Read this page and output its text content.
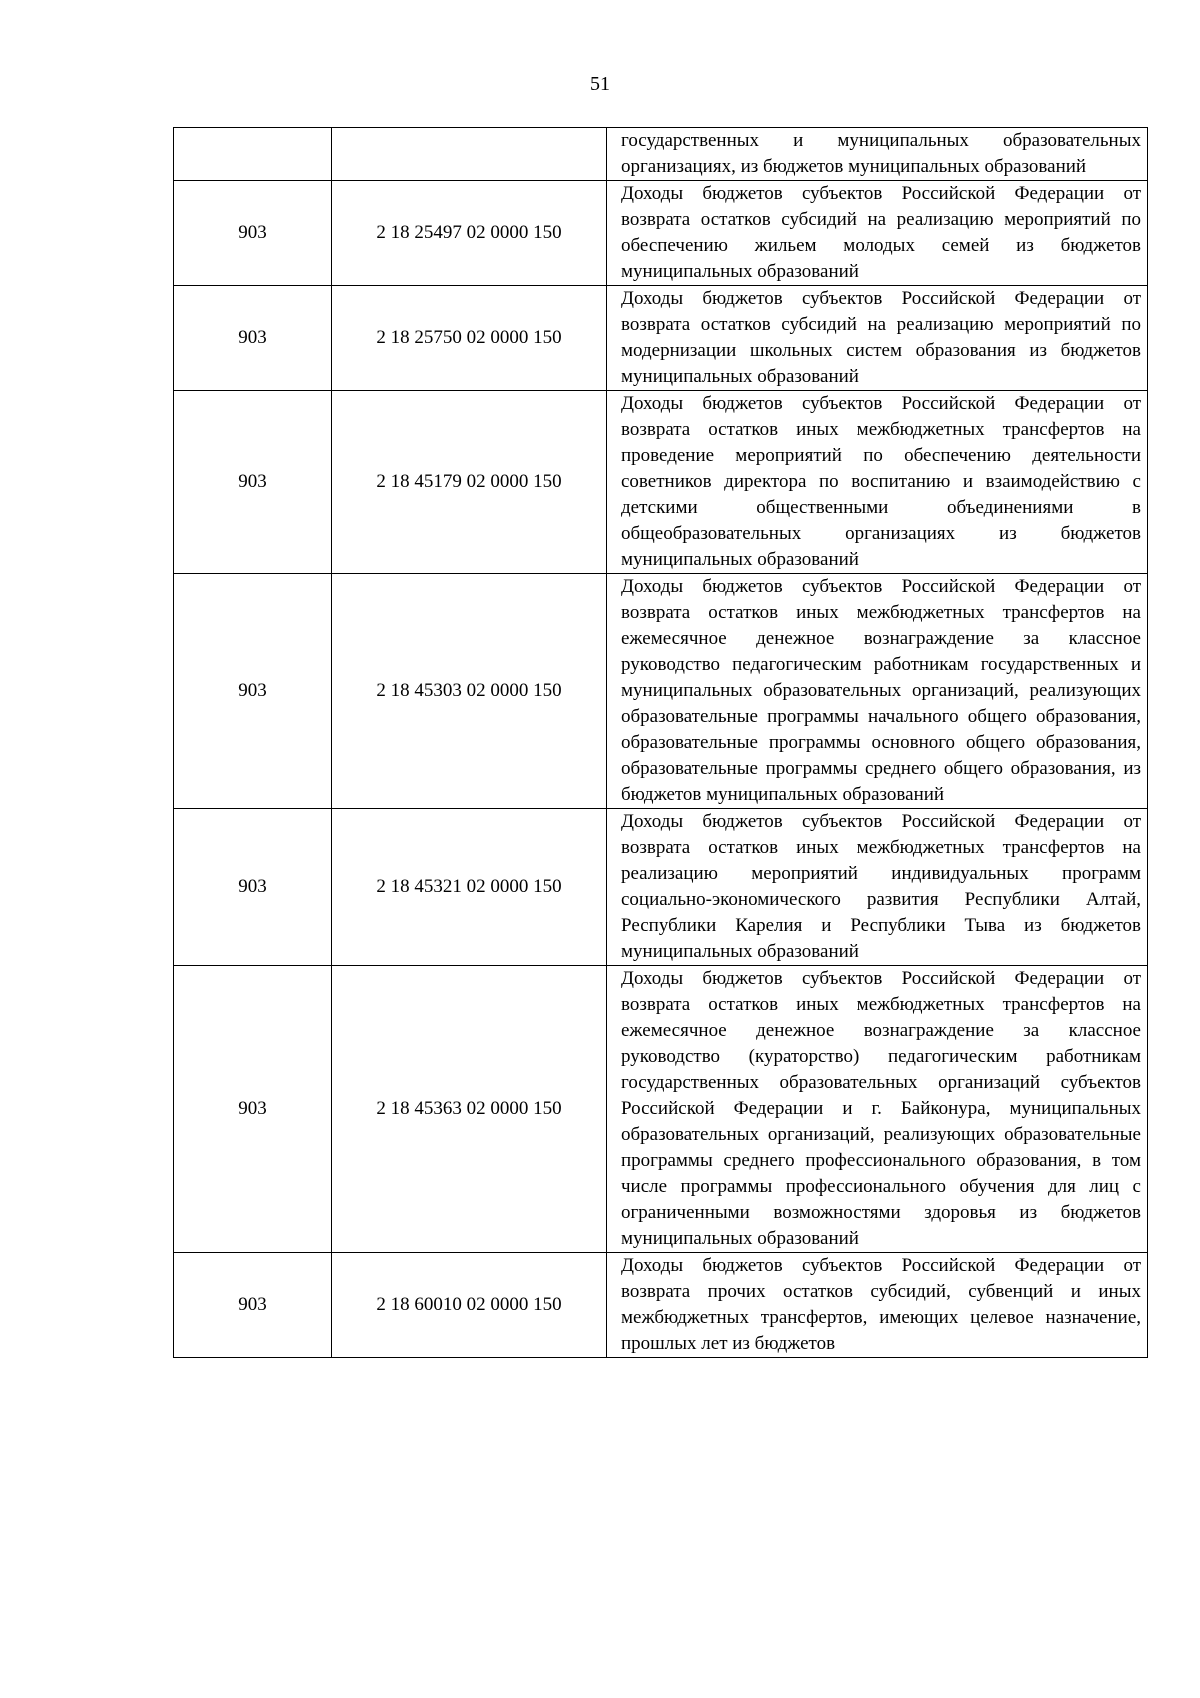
51
		государственных и муниципальных образовательных организациях, из бюджетов муниципальных образований
903	2 18 25497 02 0000 150	Доходы бюджетов субъектов Российской Федерации от возврата остатков субсидий на реализацию мероприятий по обеспечению жильем молодых семей из бюджетов муниципальных образований
903	2 18 25750 02 0000 150	Доходы бюджетов субъектов Российской Федерации от возврата остатков субсидий на реализацию мероприятий по модернизации школьных систем образования из бюджетов муниципальных образований
903	2 18 45179 02 0000 150	Доходы бюджетов субъектов Российской Федерации от возврата остатков иных межбюджетных трансфертов на проведение мероприятий по обеспечению деятельности советников директора по воспитанию и взаимодействию с детскими общественными объединениями в общеобразовательных организациях из бюджетов муниципальных образований
903	2 18 45303 02 0000 150	Доходы бюджетов субъектов Российской Федерации от возврата остатков иных межбюджетных трансфертов на ежемесячное денежное вознаграждение за классное руководство педагогическим работникам государственных и муниципальных образовательных организаций, реализующих образовательные программы начального общего образования, образовательные программы основного общего образования, образовательные программы среднего общего образования, из бюджетов муниципальных образований
903	2 18 45321 02 0000 150	Доходы бюджетов субъектов Российской Федерации от возврата остатков иных межбюджетных трансфертов на реализацию мероприятий индивидуальных программ социально-экономического развития Республики Алтай, Республики Карелия и Республики Тыва из бюджетов муниципальных образований
903	2 18 45363 02 0000 150	Доходы бюджетов субъектов Российской Федерации от возврата остатков иных межбюджетных трансфертов на ежемесячное денежное вознаграждение за классное руководство (кураторство) педагогическим работникам государственных образовательных организаций субъектов Российской Федерации и г. Байконура, муниципальных образовательных организаций, реализующих образовательные программы среднего профессионального образования, в том числе программы профессионального обучения для лиц с ограниченными возможностями здоровья из бюджетов муниципальных образований
903	2 18 60010 02 0000 150	Доходы бюджетов субъектов Российской Федерации от возврата прочих остатков субсидий, субвенций и иных межбюджетных трансфертов, имеющих целевое назначение, прошлых лет из бюджетов
